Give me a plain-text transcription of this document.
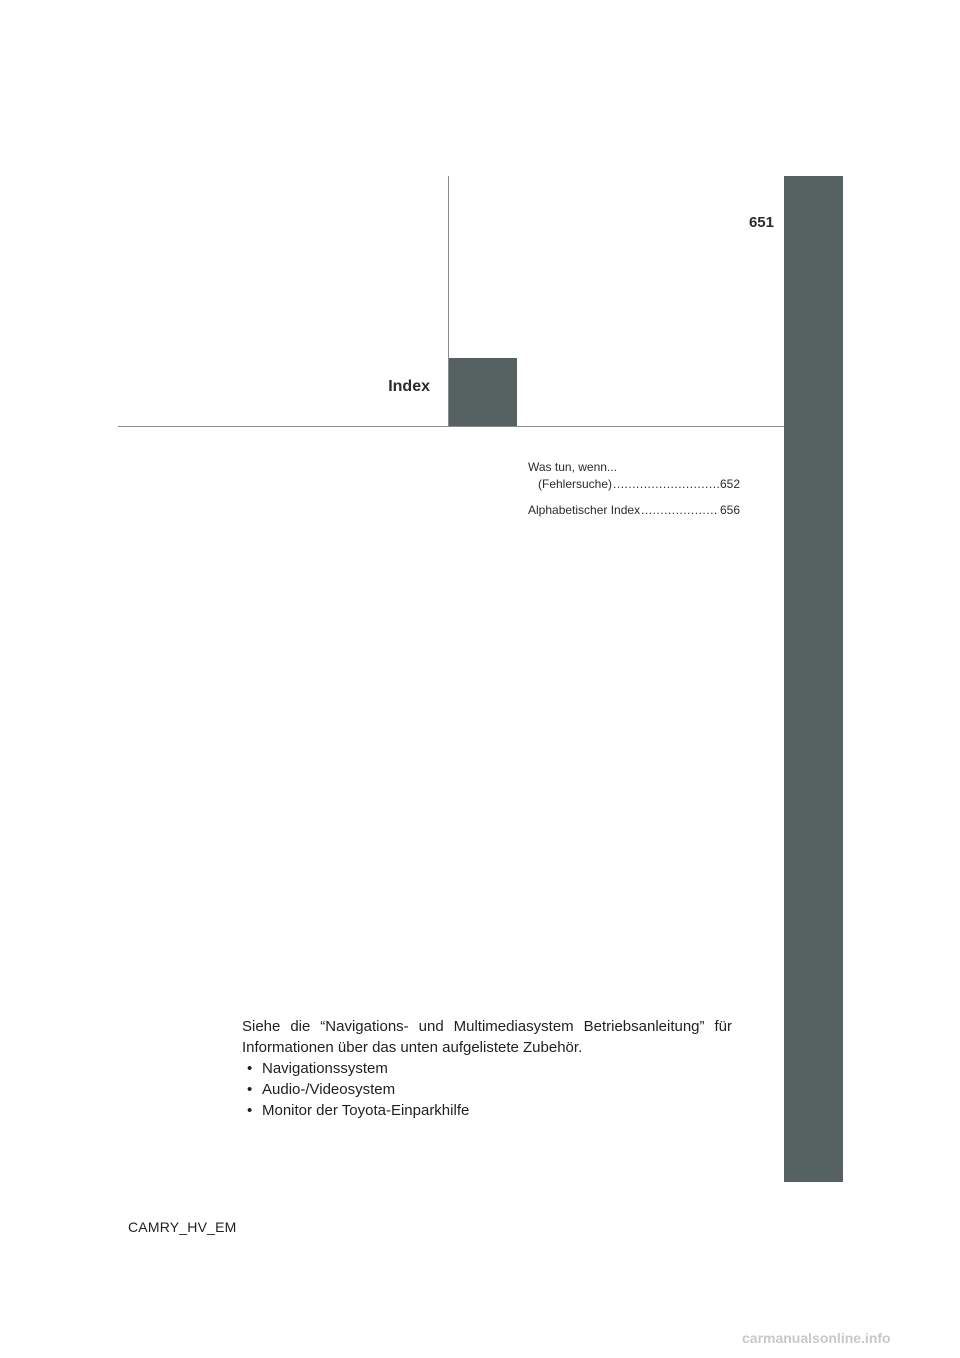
651
Index
Was tun, wenn...
(Fehlersuche) .....	652
Alphabetischer Index .....	656

Siehe die “Navigations- und Multimediasystem Betriebsanleitung” für Informationen über das unten aufgelistete Zubehör.

• Navigationssystem
• Audio-/Videosystem
• Monitor der Toyota-Einparkhilfe
CAMRY_HV_EM
carmanualsonline.info
